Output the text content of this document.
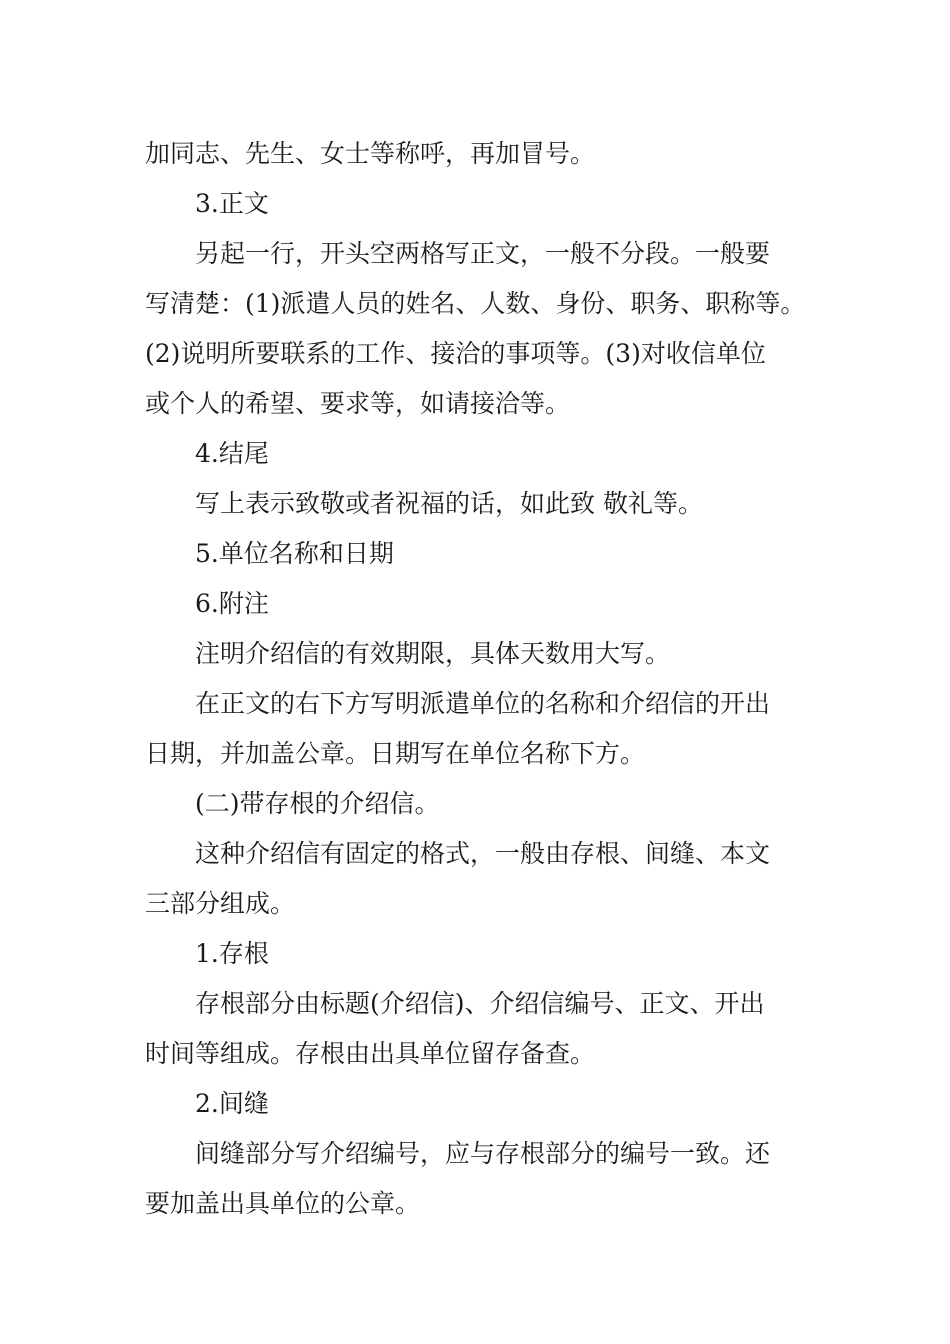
加同志、先生、女士等称呼，再加冒号。

3.正文

另起一行，开头空两格写正文，一般不分段。一般要

写清楚：(1)派遣人员的姓名、人数、身份、职务、职称等。

(2)说明所要联系的工作、接洽的事项等。(3)对收信单位

或个人的希望、要求等，如请接洽等。

4.结尾

写上表示致敬或者祝福的话，如此致 敬礼等。

5.单位名称和日期

6.附注

注明介绍信的有效期限，具体天数用大写。

在正文的右下方写明派遣单位的名称和介绍信的开出

日期，并加盖公章。日期写在单位名称下方。

(二)带存根的介绍信。

这种介绍信有固定的格式，一般由存根、间缝、本文

三部分组成。

1.存根

存根部分由标题(介绍信)、介绍信编号、正文、开出

时间等组成。存根由出具单位留存备查。

2.间缝

间缝部分写介绍编号，应与存根部分的编号一致。还

要加盖出具单位的公章。
